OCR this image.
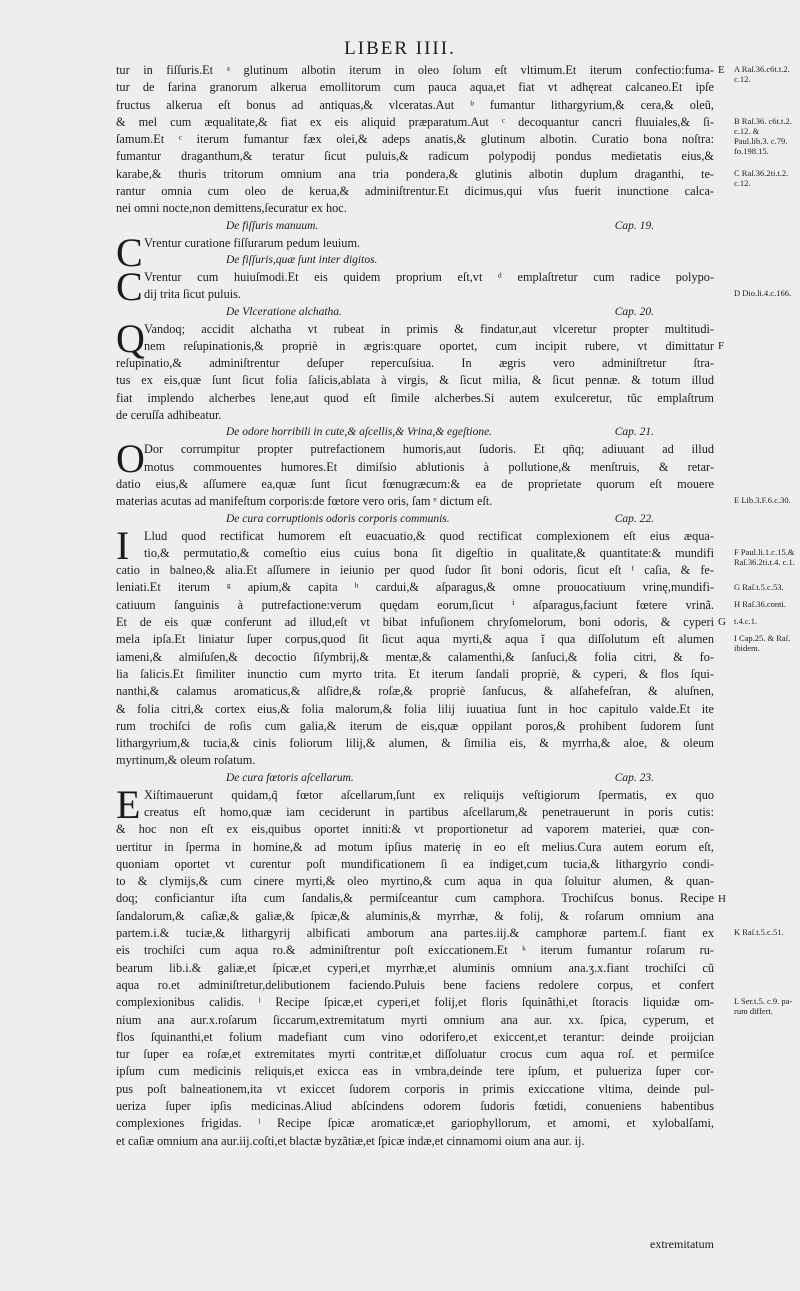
LIBER IIII.
tur in fiſſuris.Et ᵃ glutinum albotin iterum in oleo ſolum eſt vltimum.Et iterum confectio:fuma-
tur de farina granorum alkerua emollitorum cum pauca aqua,et fiat vt adhęreat calcaneo.Et ipſe
fructus alkerua eſt bonus ad antiquas,& vlceratas.Aut ᵇ fumantur lithargyrium,& cera,& oleũ,
& mel cum æqualitate,& fiat ex eis aliquid præparatum.Aut ᶜ decoquantur cancri fluuiales,& ſi-
ſamum.Et ᶜ iterum fumantur fæx olei,& adeps anatis,& glutinum albotin. Curatio bona noſtra:
fumantur draganthum,& teratur ſicut puluis,& radicum polypodij pondus medietatis eius,&
karabe,& thuris tritorum omnium ana tria pondera,& glutinis albotin duplum draganthi, te-
rantur omnia cum oleo de kerua,& adminiſtrentur.Et dicimus,qui vſus fuerit inunctione calca-
nei omni nocte,non demittens,ſecuratur ex hoc.
De fiſſuris manuum.	Cap. 19.
C Vrentur curatione fiſſurarum pedum leuium.
De fiſſuris,quæ ſunt inter digitos.
C Vrentur cum huiuſmodi.Et eis quidem proprium eſt,vt ᵈ emplaſtretur cum radice polypo-
dij trita ſicut puluis.
De Vlceratione alchatha.	Cap. 20.
Q Vandoq; accidit alchatha vt rubeat in primis & findatur,aut vlceretur propter multitudi-
nem reſupinationis,& propriè in ægris:quare oportet, cum incipit rubere, vt dimittatur
reſupinatio,& adminiſtrentur deſuper repercuſsiua. In ægris vero adminiſtretur ſtra-
tus ex eis,quæ ſunt ſicut folia ſalicis,ablata à virgis, & ſicut milia, & ſicut pennæ. & totum illud
fiat implendo alcherbes lene,aut quod eſt ſimile alcherbes.Si autem exulceretur, tũc emplaſtrum
de ceruſſa adhibeatur.
De odore horribili in cute,& aſcellis,& Vrina,& egeſtione.	Cap. 21.
O Dor corrumpitur propter putrefactionem humoris,aut ſudoris. Et qñq; adiuuant ad illud
motus commouentes humores.Et dimiſsio ablutionis à pollutione,& menſtruis, & retar-
datio eius,& aſſumere ea,quæ ſunt ſicut fœnugræcum:& ea de proprietate quorum eſt mouere
materias acutas ad manifeſtum corporis:de fœtore vero oris, ſam ᵉ dictum eſt.
De cura corruptionis odoris corporis communis.	Cap. 22.
I	Llud quod rectificat humorem eſt euacuatio,& quod rectificat complexionem eſt eius æqua-
tio,& permutatio,& comeſtio eius cuius bona ſit digeſtio in qualitate,& quantitate:& mundifi
catio in balneo,& alia.Et aſſumere in ieiunio per quod ſudor ſit boni odoris, ſicut eſt ᶠ caſia, & fe-
leniati.Et iterum ᵍ apium,& capita ʰ cardui,& aſparagus,& omne prouocatiuum vrinę,mundifi-
catiuum ſanguinis à putrefactione:verum quędam eorum,ſicut ⁱ aſparagus,faciunt fœtere vrinã.
Et de eis quæ conferunt ad illud,eſt vt bibat infuſionem chryſomelorum, boni odoris, & cyperi
mela ipſa.Et liniatur ſuper corpus,quod ſit ſicut aqua myrti,& aqua ĩ qua diſſolutum eſt alumen
iameni,& almiſuſen,& decoctio ſiſymbrij,& mentæ,& calamenthi,& ſanſuci,& folia citri, & fo-
lia ſalicis.Et ſimiliter inunctio cum myrto trita. Et iterum ſandali propriè, & cyperi, & flos ſqui-
nanthi,& calamus aromaticus,& alſidre,& roſæ,& propriè ſanſucus, & alſahefeſran, & aluſnen,
& folia citri,& cortex eius,& folia malorum,& folia lilij iuuatiua ſunt in hoc capitulo valde.Et ite
rum trochiſci de roſis cum galia,& iterum de eis,quæ oppilant poros,& prohibent ſudorem ſunt
lithargyrium,& tucia,& cinis foliorum lilij,& alumen, & ſimilia eis, & myrrha,& aloe, & oleum
myrtinum,& oleum roſatum.
De cura fœtoris aſcellarum.	Cap. 23.
E Xiſtimauerunt quidam,q̃ fœtor aſcellarum,ſunt ex reliquijs veſtigiorum ſpermatis, ex quo
creatus eſt homo,quæ iam ceciderunt in partibus aſcellarum,& penetrauerunt in poris cutis:
& hoc non eſt ex eis,quibus oportet inniti:& vt proportionetur ad vaporem materiei, quæ con-
uertitur in ſperma in homine,& ad motum ipſius materię in eo eſt melius.Cura autem eorum eſt,
quoniam oportet vt curentur poſt mundificationem ſi ea indiget,cum tucia,& lithargyrio condi-
to & clymijs,& cum cinere myrti,& oleo myrtino,& cum aqua in qua ſoluitur alumen, & quan-
doq; conficiantur iſta cum ſandalis,& permiſceantur cum camphora. Trochiſcus bonus. Recipe
ſandalorum,& caſiæ,& galiæ,& ſpicæ,& aluminis,& myrrhæ, & folij, & roſarum omnium ana
partem.i.& tuciæ,& lithargyrij albificati amborum ana partes.iij.& camphoræ partem.ſ. fiant ex
eis trochiſci cum aqua ro.& adminiſtrentur poſt exiccationem.Et ᵏ iterum fumantur roſarum ru-
bearum lib.i.& galiæ,et ſpicæ,et cyperi,et myrrhæ,et aluminis omnium ana.ʒ.x.fiant trochiſci cũ
aqua ro.et adminiſtretur,delibutionem faciendo.Puluis bene faciens redolere corpus, et confert
complexionibus calidis. ˡ Recipe ſpicæ,et cyperi,et folij,et floris ſquinãthi,et ſtoracis liquidæ om-
nium ana aur.x.roſarum ſiccarum,extremitatum myrti omnium ana aur. xx. ſpica, cyperum, et
flos ſquinanthi,et folium madefiant cum vino odorifero,et exiccent,et terantur: deinde proijcian
tur ſuper ea roſæ,et extremitates myrti contritæ,et diſſoluatur crocus cum aqua roſ. et permiſce
ipſum cum medicinis reliquis,et exicca eas in vmbra,deinde tere ipſum, et pulueriza ſuper cor-
pus poſt balneationem,ita vt exiccet ſudorem corporis in primis exiccatione vltima, deinde pul-
ueriza ſuper ipſis medicinas.Aliud abſcindens odorem ſudoris fœtidi, conueniens habentibus
complexiones frigidas. ˡ Recipe ſpicæ aromaticæ,et gariophyllorum, et amomi, et xylobalſami,
et caſiæ omnium ana aur.iij.coſti,et blactæ byzãtiæ,et ſpicæ indæ,et cinnamomi oium ana aur. ij.
E A Raſ.36.c6t.t.2. c.12.
B Raſ.36. c6t.t.2. c.12. & Paul.lib.3. c.79. fo.198.15.
C Raſ.36.2ti.t.2. c.12.
D Dio.li.4.c.166.
F
E Lib.3.F.6.c.30.
F Paul.li.1.c.15.& Raſ.36.2ti.t.4. c.1.
G Raſ.t.5.c.53.
H Raſ.36.conti.
G t.4.c.1.
I Cap.25. & Raſ. ibidem.
H
K Raſ.t.5.c.51.
L Ser.t.5. c.9. pa- rum differt.
extremitatum
